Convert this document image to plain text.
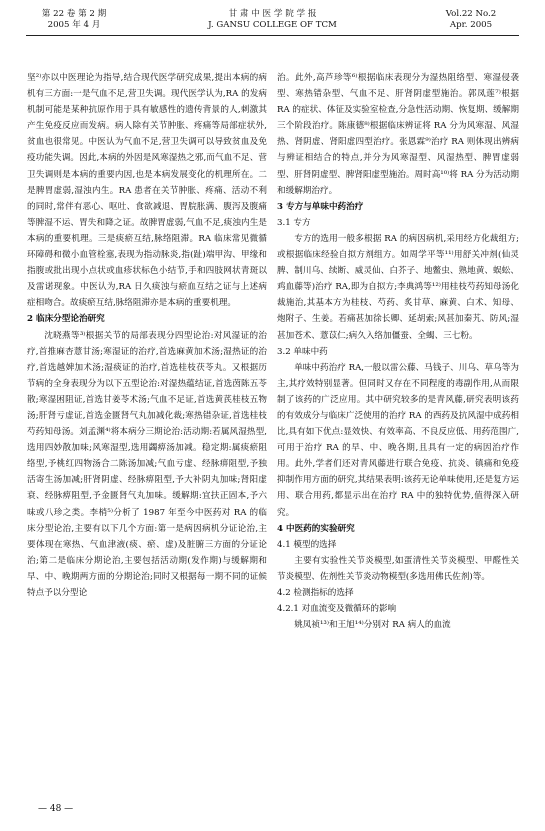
第 22 卷 第 2 期
2005 年 4 月
甘 肃 中 医 学 院 学 报
J. GANSU COLLEGE OF TCM
Vol.22 No.2
Apr. 2005

坚²⁾亦以中医理论为指导,结合现代医学研究成果,提出本病的病机有三方面:一是气血不足,营卫失调。现代医学认为,RA 的发病机制可能是某种抗原作用于具有敏感性的遗传背景的人,刺激其产生免疫反应而发病。病人除有关节肿胀、疼痛等局部症状外,贫血也很常见。中医认为气血不足,营卫失调可以导致贫血及免疫功能失调。因此,本病的外因是风寒湿热之邪,而气血不足、营卫失调则是本病的重要内因,也是本病发展变化的机理所在。二是脾胃虚弱,湿浊内生。RA 患者在关节肿胀、疼痛、活动不利的同时,常伴有恶心、呕吐、食欲减退、胃脘胀满、腹泻及腹痛等脾湿不运、胃失和降之证。故脾胃虚弱,气血不足,痰浊内生是本病的重要机理。三是痰瘀互结,脉络阻滞。RA 临床常见微循环障碍和微小血管栓塞,表现为指动脉炎,指(趾)端甲沟、甲缘和指腹或批出现小点状或血疹状标色小结节,手和四肢网状青斑以及雷诺现象。中医认为,RA 日久痰浊与瘀血互结之证与上述病症相吻合。故痰瘀互结,脉络阻滞亦是本病的重要机理。

2 临床分型论治研究

沈晓燕等³⁾根据关节的局部表现分四型论治:对风湿证的治疗,首推麻杏薏甘汤;寒湿证的治疗,首选麻黄加术汤;湿热证的治疗,首选越婢加术汤;湿痰证的治疗,首选桂枝茯苓丸。又根据历节病的全身表现分为以下五型论治:对湿热蕴结证,首选茵陈五苓散;寒湿困阻证,首选甘姜苓术汤;气血不足证,首选黄芪桂枝五物汤;肝肾亏虚证,首选金匮肾气丸加减化裁;寒热错杂证,首选桂枝芍药知母汤。刘孟渊⁴⁾将本病分三期论治:活动期:若属风湿热型,选用四妙散加味;风寒湿型,选用蠲痹汤加减。稳定期:属痰瘀阻络型,予桃红四物汤合二陈汤加减;气血亏虚、经脉痹阻型,予独活寄生汤加减;肝肾阴虚、经脉痹阻型,予大补阴丸加味;肾阳虚衰、经脉痹阻型,予金匮肾气丸加味。缓解期:宜扶正固本,予六味或八珍之类。李梢⁵⁾分析了 1987 年至今中医药对 RA 的临床分型论治,主要有以下几个方面:第一是病因病机分证论治,主要体现在寒热、气血津液(痰、瘀、虚)及脏腑三方面的分证论治;第二是临床分期论治,主要包括活动期(发作期)与缓解期和早、中、晚期两方面的分期论治;同时又根据每一期不同的证候特点予以分型论

治。此外,高芦珍等⁶⁾根据临床表现分为湿热阻络型、寒湿侵袭型、寒热错杂型、气血不足、肝肾阴虚型施治。郭凤莲⁷⁾根据 RA 的症状、体征及实验室检查,分急性活动期、恢复期、缓解期三个阶段治疗。陈康德⁸⁾根据临床辨证将 RA 分为风寒湿、风湿热、肾阴虚、肾阳虚四型治疗。张恩霖⁹⁾治疗 RA 则体现出辨病与辨证相结合的特点,并分为风寒湿型、风湿热型、脾胃虚弱型、肝肾阴虚型、脾肾阳虚型施治。周时高¹⁰⁾将 RA 分为活动期和缓解期治疗。

3 专方与单味中药治疗

3.1 专方

专方的选用一般多根据 RA 的病因病机,采用经方化裁组方;或根据临床经验自拟方剂组方。如周学平等¹¹⁾用舒关冲剂(仙灵脾、制川乌、续断、威灵仙、白芥子、地鳖虫、熟地黄、蜈蚣、鸡血藤等)治疗 RA,即为自拟方;李典鸿等¹²⁾用桂枝芍药知母汤化裁施治,其基本方为桂枝、芍药、炙甘草、麻黄、白术、知母、炮附子、生姜。若痛甚加徐长卿、延胡索;风甚加秦艽、防风;湿甚加苍术、薏苡仁;病久入络加僵蚕、全蝎、三七粉。

3.2 单味中药

单味中药治疗 RA,一般以雷公藤、马钱子、川乌、草乌等为主,其疗效特别显著。但同时又存在不同程度的毒副作用,从而限制了该药的广泛应用。其中研究较多的是青风藤,研究表明该药的有效成分与临床广泛使用的治疗 RA 的西药及抗风湿中成药相比,具有如下优点:显效快、有效率高、不良反应低、用药范围广,可用于治疗 RA 的早、中、晚各期,且具有一定的病因治疗作用。此外,学者们还对青风藤进行联合免疫、抗炎、镇痛和免疫抑制作用方面的研究,其结果表明:该药无论单味使用,还是复方运用、联合用药,都显示出在治疗 RA 中的独特优势,值得深入研究。

4 中医药的实验研究

4.1 模型的选择

主要有实验性关节炎模型,如蛋清性关节炎模型、甲醛性关节炎模型、佐剂性关节炎动物模型(多选用佛氏佐剂)等。

4.2 检测指标的选择

4.2.1 对血流变及微循环的影响

姚凤祯¹³⁾和王旭¹⁴⁾分别对 RA 病人的血流

— 48 —
